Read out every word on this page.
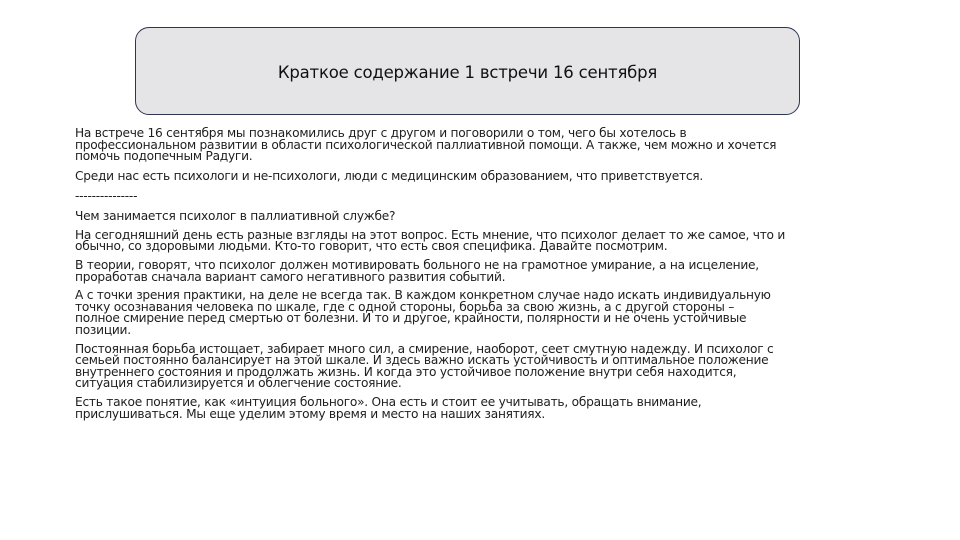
Краткое содержание 1 встречи 16 сентября

На встрече 16 сентября мы познакомились друг с другом и поговорили о том, чего бы хотелось в
профессиональном развитии в области психологической паллиативной помощи. А также, чем можно и хочется
помочь подопечным Радуги.

Среди нас есть психологи и не-психологи, люди с медицинским образованием, что приветствуется.

---------------

Чем занимается психолог в паллиативной службе?

На сегодняшний день есть разные взгляды на этот вопрос. Есть мнение, что психолог делает то же самое, что и
обычно, со здоровыми людьми. Кто-то говорит, что есть своя специфика. Давайте посмотрим.

В теории, говорят, что психолог должен мотивировать больного не на грамотное умирание, а на исцеление,
проработав сначала вариант самого негативного развития событий.

А с точки зрения практики, на деле не всегда так. В каждом конкретном случае надо искать индивидуальную
точку осознавания человека по шкале, где с одной стороны, борьба за свою жизнь, а с другой стороны –
полное смирение перед смертью от болезни. И то и другое, крайности, полярности и не очень устойчивые
позиции.

Постоянная борьба истощает, забирает много сил, а смирение, наоборот, сеет смутную надежду. И психолог с
семьей постоянно балансирует на этой шкале. И здесь важно искать устойчивость и оптимальное положение
внутреннего состояния и продолжать жизнь. И когда это устойчивое положение внутри себя находится,
ситуация стабилизируется и облегчение состояние.

Есть такое понятие, как «интуиция больного». Она есть и стоит ее учитывать, обращать внимание,
прислушиваться. Мы еще уделим этому время и место на наших занятиях.
